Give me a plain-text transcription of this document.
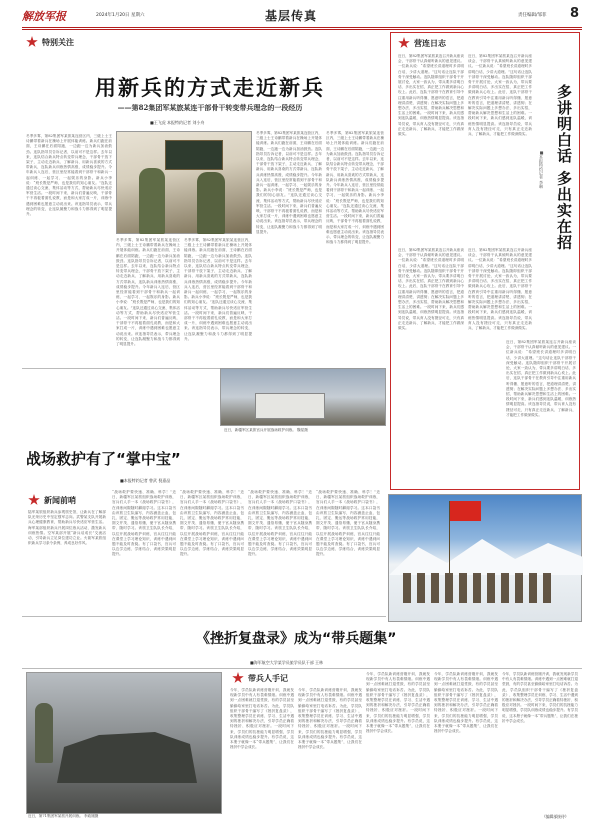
解放军报	2024年1月20日 星期六	基层传真	责任编辑/邹菲 8
特别关注
用新兵的方式走近新兵
——第82集团军某旅某连干部骨干转变带兵理念的一段经历
■王飞虎 本报特约记者 刘小舟
冬季多雾，第82集团军某旅某连营区内，三级上士王诗鹏带着新兵在操场上开展体能训练。新兵们跑在前面，王诗鹏在后面陪跑，一边跑一边为新兵加油鼓劲。连队指导员告诉记者，以前可不是这样。去年以来，连队结合新兵特点转变带兵理念，干部骨干放下架子，主动走近新兵、了解新兵、用新兵喜欢的方式带新兵，连队新兵训练热情高涨，成绩稳步提升。今年新兵入连后，营区里经常能看到干部骨干和新兵一起训练、一起学习、一起娱乐的身影。新兵小李说：“班长既是严师，也是我们的知心朋友。”连队还通过谈心交流、集体活动等方式，帮助新兵尽快适应军营生活。一段时间下来，新兵们普遍反映，干部骨干不再板着面孔说教，而是和大家打成一片，训练中遇到困难也愿意主动说出来。该连指导员表示，带兵理念的转变，让连队凝聚力和战斗力都得到了明显提升。
冬季多雾，第82集团军某旅某连营区内，三级上士王诗鹏带着新兵在操场上开展体能训练。新兵们跑在前面，王诗鹏在后面陪跑，一边跑一边为新兵加油鼓劲。连队指导员告诉记者，以前可不是这样。去年以来，连队结合新兵特点转变带兵理念，干部骨干放下架子，主动走近新兵、了解新兵、用新兵喜欢的方式带新兵，连队新兵训练热情高涨，成绩稳步提升。今年新兵入连后，营区里经常能看到干部骨干和新兵一起训练、一起学习、一起娱乐的身影。新兵小李说：“班长既是严师，也是我们的知心朋友。”连队还通过谈心交流、集体活动等方式，帮助新兵尽快适应军营生活。一段时间下来，新兵们普遍反映，干部骨干不再板着面孔说教，而是和大家打成一片，训练中遇到困难也愿意主动说出来。该连指导员表示，带兵理念的转变，让连队凝聚力和战斗力都得到了明显提升。
冬季多雾，第82集团军某旅某连营区内，三级上士王诗鹏带着新兵在操场上开展体能训练。新兵们跑在前面，王诗鹏在后面陪跑，一边跑一边为新兵加油鼓劲。连队指导员告诉记者，以前可不是这样。去年以来，连队结合新兵特点转变带兵理念，干部骨干放下架子，主动走近新兵、了解新兵、用新兵喜欢的方式带新兵，连队新兵训练热情高涨，成绩稳步提升。今年新兵入连后，营区里经常能看到干部骨干和新兵一起训练、一起学习、一起娱乐的身影。新兵小李说：“班长既是严师，也是我们的知心朋友。”连队还通过谈心交流、集体活动等方式，帮助新兵尽快适应军营生活。一段时间下来，新兵们普遍反映，干部骨干不再板着面孔说教，而是和大家打成一片，训练中遇到困难也愿意主动说出来。该连指导员表示，带兵理念的转变，让连队凝聚力和战斗力都得到了明显提升。
冬季多雾，第82集团军某旅某连营区内，三级上士王诗鹏带着新兵在操场上开展体能训练。新兵们跑在前面，王诗鹏在后面陪跑，一边跑一边为新兵加油鼓劲。连队指导员告诉记者，以前可不是这样。去年以来，连队结合新兵特点转变带兵理念，干部骨干放下架子，主动走近新兵、了解新兵、用新兵喜欢的方式带新兵，连队新兵训练热情高涨，成绩稳步提升。今年新兵入连后，营区里经常能看到干部骨干和新兵一起训练、一起学习、一起娱乐的身影。新兵小李说：“班长既是严师，也是我们的知心朋友。”连队还通过谈心交流、集体活动等方式，帮助新兵尽快适应军营生活。一段时间下来，新兵们普遍反映，干部骨干不再板着面孔说教，而是和大家打成一片，训练中遇到困难也愿意主动说出来。该连指导员表示，带兵理念的转变，让连队凝聚力和战斗力都得到了明显提升。
冬季多雾，第82集团军某旅某连营区内，三级上士王诗鹏带着新兵在操场上开展体能训练。新兵们跑在前面，王诗鹏在后面陪跑，一边跑一边为新兵加油鼓劲。连队指导员告诉记者，以前可不是这样。去年以来，连队结合新兵特点转变带兵理念，干部骨干放下架子，主动走近新兵、了解新兵、用新兵喜欢的方式带新兵，连队新兵训练热情高涨，成绩稳步提升。今年新兵入连后，营区里经常能看到干部骨干和新兵一起训练、一起学习、一起娱乐的身影。新兵小李说：“班长既是严师，也是我们的知心朋友。”连队还通过谈心交流、集体活动等方式，帮助新兵尽快适应军营生活。一段时间下来，新兵们普遍反映，干部骨干不再板着面孔说教，而是和大家打成一片，训练中遇到困难也愿意主动说出来。该连指导员表示，带兵理念的转变，让连队凝聚力和战斗力都得到了明显提升。
营连日志
多讲明白话 多出实在招
■本报特约记者 李琳
近日，第82集团军某旅某连召开新兵座谈会，干部骨干认真倾听新兵的意见建议。一位新兵说：“希望班长讲道理时多讲明白话，少讲大道理。”这句话让连队干部骨干深受触动。连队随即组织干部骨干开展讨论，大家一致认为，带兵要多讲明白话、多出实在招，真正把工作做到新兵心坎上。此后，连队干部骨干在教育引导中注重用新兵听得懂、愿意听的语言，把道理讲清楚、讲透彻；在解决实际问题上多想办法、多出实招，帮助新兵解决思想和生活上的困难。一段时间下来，新兵们感到连队温暖，训练热情明显提高。该连指导员说，带兵育人没有捷径可走，只有真正走近新兵、了解新兵，才能把工作做深做实。
近日，第82集团军某旅某连召开新兵座谈会，干部骨干认真倾听新兵的意见建议。一位新兵说：“希望班长讲道理时多讲明白话，少讲大道理。”这句话让连队干部骨干深受触动。连队随即组织干部骨干开展讨论，大家一致认为，带兵要多讲明白话、多出实在招，真正把工作做到新兵心坎上。此后，连队干部骨干在教育引导中注重用新兵听得懂、愿意听的语言，把道理讲清楚、讲透彻；在解决实际问题上多想办法、多出实招，帮助新兵解决思想和生活上的困难。一段时间下来，新兵们感到连队温暖，训练热情明显提高。该连指导员说，带兵育人没有捷径可走，只有真正走近新兵、了解新兵，才能把工作做深做实。
近日，第82集团军某旅某连召开新兵座谈会，干部骨干认真倾听新兵的意见建议。一位新兵说：“希望班长讲道理时多讲明白话，少讲大道理。”这句话让连队干部骨干深受触动。连队随即组织干部骨干开展讨论，大家一致认为，带兵要多讲明白话、多出实在招，真正把工作做到新兵心坎上。此后，连队干部骨干在教育引导中注重用新兵听得懂、愿意听的语言，把道理讲清楚、讲透彻；在解决实际问题上多想办法、多出实招，帮助新兵解决思想和生活上的困难。一段时间下来，新兵们感到连队温暖，训练热情明显提高。该连指导员说，带兵育人没有捷径可走，只有真正走近新兵、了解新兵，才能把工作做深做实。
近日，第82集团军某旅某连召开新兵座谈会，干部骨干认真倾听新兵的意见建议。一位新兵说：“希望班长讲道理时多讲明白话，少讲大道理。”这句话让连队干部骨干深受触动。连队随即组织干部骨干开展讨论，大家一致认为，带兵要多讲明白话、多出实在招，真正把工作做到新兵心坎上。此后，连队干部骨干在教育引导中注重用新兵听得懂、愿意听的语言，把道理讲清楚、讲透彻；在解决实际问题上多想办法、多出实招，帮助新兵解决思想和生活上的困难。一段时间下来，新兵们感到连队温暖，训练热情明显提高。该连指导员说，带兵育人没有捷径可走，只有真正走近新兵、了解新兵，才能把工作做深做实。
近日，第82集团军某旅某连召开新兵座谈会，干部骨干认真倾听新兵的意见建议。一位新兵说：“希望班长讲道理时多讲明白话，少讲大道理。”这句话让连队干部骨干深受触动。连队随即组织干部骨干开展讨论，大家一致认为，带兵要多讲明白话、多出实在招，真正把工作做到新兵心坎上。此后，连队干部骨干在教育引导中注重用新兵听得懂、愿意听的语言，把道理讲清楚、讲透彻；在解决实际问题上多想办法、多出实招，帮助新兵解决思想和生活上的困难。一段时间下来，新兵们感到连队温暖，训练热情明显提高。该连指导员说，带兵育人没有捷径可走，只有真正走近新兵、了解新兵，才能把工作做深做实。
近日，新疆军区某旅官兵开展战场救护训练。 魏星摄
战场救护有了“掌中宝”
■本报特约记者 曾武 倪嘉品
“战场救护要快速、准确、科学！”近日，新疆军区某旅组织战场救护训练，官兵们人手一本《战场救护口袋书》，在训练间隙随时翻阅学习。这本口袋书由该旅卫生队编写，内容涵盖止血、包扎、固定、搬运等战场救护常用技能，图文并茂、通俗易懂，便于官兵随身携带、随时学习。该旅卫生队队长介绍，以往开展战场救护训练，官兵往往只能在课堂上学习理论知识，训练中遇到问题不能及时查阅。有了口袋书，官兵可以边学边练、学练结合，训练效果明显提升。
“战场救护要快速、准确、科学！”近日，新疆军区某旅组织战场救护训练，官兵们人手一本《战场救护口袋书》，在训练间隙随时翻阅学习。这本口袋书由该旅卫生队编写，内容涵盖止血、包扎、固定、搬运等战场救护常用技能，图文并茂、通俗易懂，便于官兵随身携带、随时学习。该旅卫生队队长介绍，以往开展战场救护训练，官兵往往只能在课堂上学习理论知识，训练中遇到问题不能及时查阅。有了口袋书，官兵可以边学边练、学练结合，训练效果明显提升。
“战场救护要快速、准确、科学！”近日，新疆军区某旅组织战场救护训练，官兵们人手一本《战场救护口袋书》，在训练间隙随时翻阅学习。这本口袋书由该旅卫生队编写，内容涵盖止血、包扎、固定、搬运等战场救护常用技能，图文并茂、通俗易懂，便于官兵随身携带、随时学习。该旅卫生队队长介绍，以往开展战场救护训练，官兵往往只能在课堂上学习理论知识，训练中遇到问题不能及时查阅。有了口袋书，官兵可以边学边练、学练结合，训练效果明显提升。
“战场救护要快速、准确、科学！”近日，新疆军区某旅组织战场救护训练，官兵们人手一本《战场救护口袋书》，在训练间隙随时翻阅学习。这本口袋书由该旅卫生队编写，内容涵盖止血、包扎、固定、搬运等战场救护常用技能，图文并茂、通俗易懂，便于官兵随身携带、随时学习。该旅卫生队队长介绍，以往开展战场救护训练，官兵往往只能在课堂上学习理论知识，训练中遇到问题不能及时查阅。有了口袋书，官兵可以边学边练、学练结合，训练效果明显提升。
新闻前哨
陆军某旅组织新兵参观旅史馆，让新兵在了解部队光荣历史中坚定强军志向。武警某支队开展新兵心理健康教育，帮助新兵尽快适应军营生活。海军某部组织新兵开展岗位练兵活动，激发新兵训练热情。空军某部开展“新兵话成长”交流活动，引导新兵立足岗位建功立业。火箭军某旅组织新兵学习条令条例，养成良好作风。
《挫折复盘录》成为“带兵题集”
■海军航空大学某学员旅学员队干部 王林
近日，第71集团军某旅开展训练。 李政刚摄
带兵人手记
今年，学员队新训练营刚开训，我就发现新学员中有人有畏难情绪。训练中遇到一点困难就打退堂鼓，有的学员甚至偷偷给家里打电话诉苦。为此，学员队组织干部骨干编写了《挫折复盘录》，收集整理学员在训练、学习、生活中遇到的挫折和解决办法，引导学员正确看待挫折、积极应对挫折。一段时间下来，学员们的抗挫能力明显增强，学员队训练成绩也稳步提升。有学员说，这本册子就像一本“带兵题集”，让我们在挫折中学会成长。
今年，学员队新训练营刚开训，我就发现新学员中有人有畏难情绪。训练中遇到一点困难就打退堂鼓，有的学员甚至偷偷给家里打电话诉苦。为此，学员队组织干部骨干编写了《挫折复盘录》，收集整理学员在训练、学习、生活中遇到的挫折和解决办法，引导学员正确看待挫折、积极应对挫折。一段时间下来，学员们的抗挫能力明显增强，学员队训练成绩也稳步提升。有学员说，这本册子就像一本“带兵题集”，让我们在挫折中学会成长。
今年，学员队新训练营刚开训，我就发现新学员中有人有畏难情绪。训练中遇到一点困难就打退堂鼓，有的学员甚至偷偷给家里打电话诉苦。为此，学员队组织干部骨干编写了《挫折复盘录》，收集整理学员在训练、学习、生活中遇到的挫折和解决办法，引导学员正确看待挫折、积极应对挫折。一段时间下来，学员们的抗挫能力明显增强，学员队训练成绩也稳步提升。有学员说，这本册子就像一本“带兵题集”，让我们在挫折中学会成长。
今年，学员队新训练营刚开训，我就发现新学员中有人有畏难情绪。训练中遇到一点困难就打退堂鼓，有的学员甚至偷偷给家里打电话诉苦。为此，学员队组织干部骨干编写了《挫折复盘录》，收集整理学员在训练、学习、生活中遇到的挫折和解决办法，引导学员正确看待挫折、积极应对挫折。一段时间下来，学员们的抗挫能力明显增强，学员队训练成绩也稳步提升。有学员说，这本册子就像一本“带兵题集”，让我们在挫折中学会成长。
今年，学员队新训练营刚开训，我就发现新学员中有人有畏难情绪。训练中遇到一点困难就打退堂鼓，有的学员甚至偷偷给家里打电话诉苦。为此，学员队组织干部骨干编写了《挫折复盘录》，收集整理学员在训练、学习、生活中遇到的挫折和解决办法，引导学员正确看待挫折、积极应对挫折。一段时间下来，学员们的抗挫能力明显增强，学员队训练成绩也稳步提升。有学员说，这本册子就像一本“带兵题集”，让我们在挫折中学会成长。
《编辑部接待》
